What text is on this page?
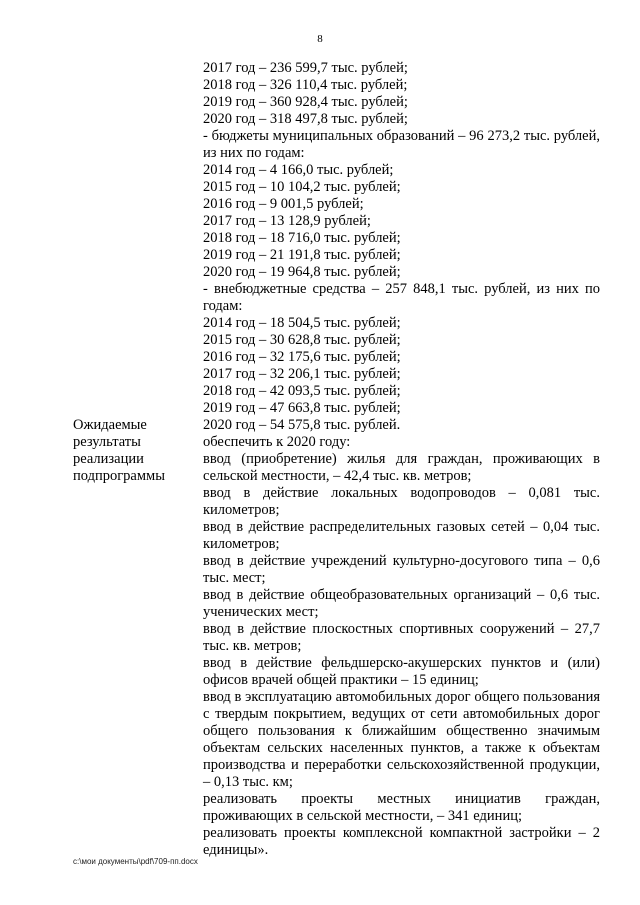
8
Ожидаемые
результаты
реализации
подпрограммы
2017 год – 236 599,7 тыс. рублей;
2018 год – 326 110,4 тыс. рублей;
2019 год – 360 928,4 тыс. рублей;
2020 год – 318 497,8 тыс. рублей;
- бюджеты муниципальных образований – 96 273,2 тыс. рублей, из них по годам:
2014 год – 4 166,0 тыс. рублей;
2015 год – 10 104,2 тыс. рублей;
2016 год – 9 001,5 рублей;
2017 год – 13 128,9 рублей;
2018 год – 18 716,0 тыс. рублей;
2019 год – 21 191,8 тыс. рублей;
2020 год – 19 964,8 тыс. рублей;
- внебюджетные средства – 257 848,1 тыс. рублей, из них по годам:
2014 год – 18 504,5 тыс. рублей;
2015 год – 30 628,8 тыс. рублей;
2016 год – 32 175,6 тыс. рублей;
2017 год – 32 206,1 тыс. рублей;
2018 год – 42 093,5 тыс. рублей;
2019 год – 47 663,8 тыс. рублей;
2020 год – 54 575,8 тыс. рублей.
обеспечить к 2020 году:
ввод (приобретение) жилья для граждан, проживающих в сельской местности, – 42,4 тыс. кв. метров;
ввод в действие локальных водопроводов – 0,081 тыс. километров;
ввод в действие распределительных газовых сетей – 0,04 тыс. километров;
ввод в действие учреждений культурно-досугового типа – 0,6 тыс. мест;
ввод в действие общеобразовательных организаций – 0,6 тыс. ученических мест;
ввод в действие плоскостных спортивных сооружений – 27,7 тыс. кв. метров;
ввод в действие фельдшерско-акушерских пунктов и (или) офисов врачей общей практики – 15 единиц;
ввод в эксплуатацию автомобильных дорог общего пользования с твердым покрытием, ведущих от сети автомобильных дорог общего пользования к ближайшим общественно значимым объектам сельских населенных пунктов, а также к объектам производства и переработки сельскохозяйственной продукции, – 0,13 тыс. км;
реализовать проекты местных инициатив граждан, проживающих в сельской местности, – 341 единиц;
реализовать проекты комплексной компактной застройки – 2 единицы».
c:\мои документы\pdf\709-пп.docx
